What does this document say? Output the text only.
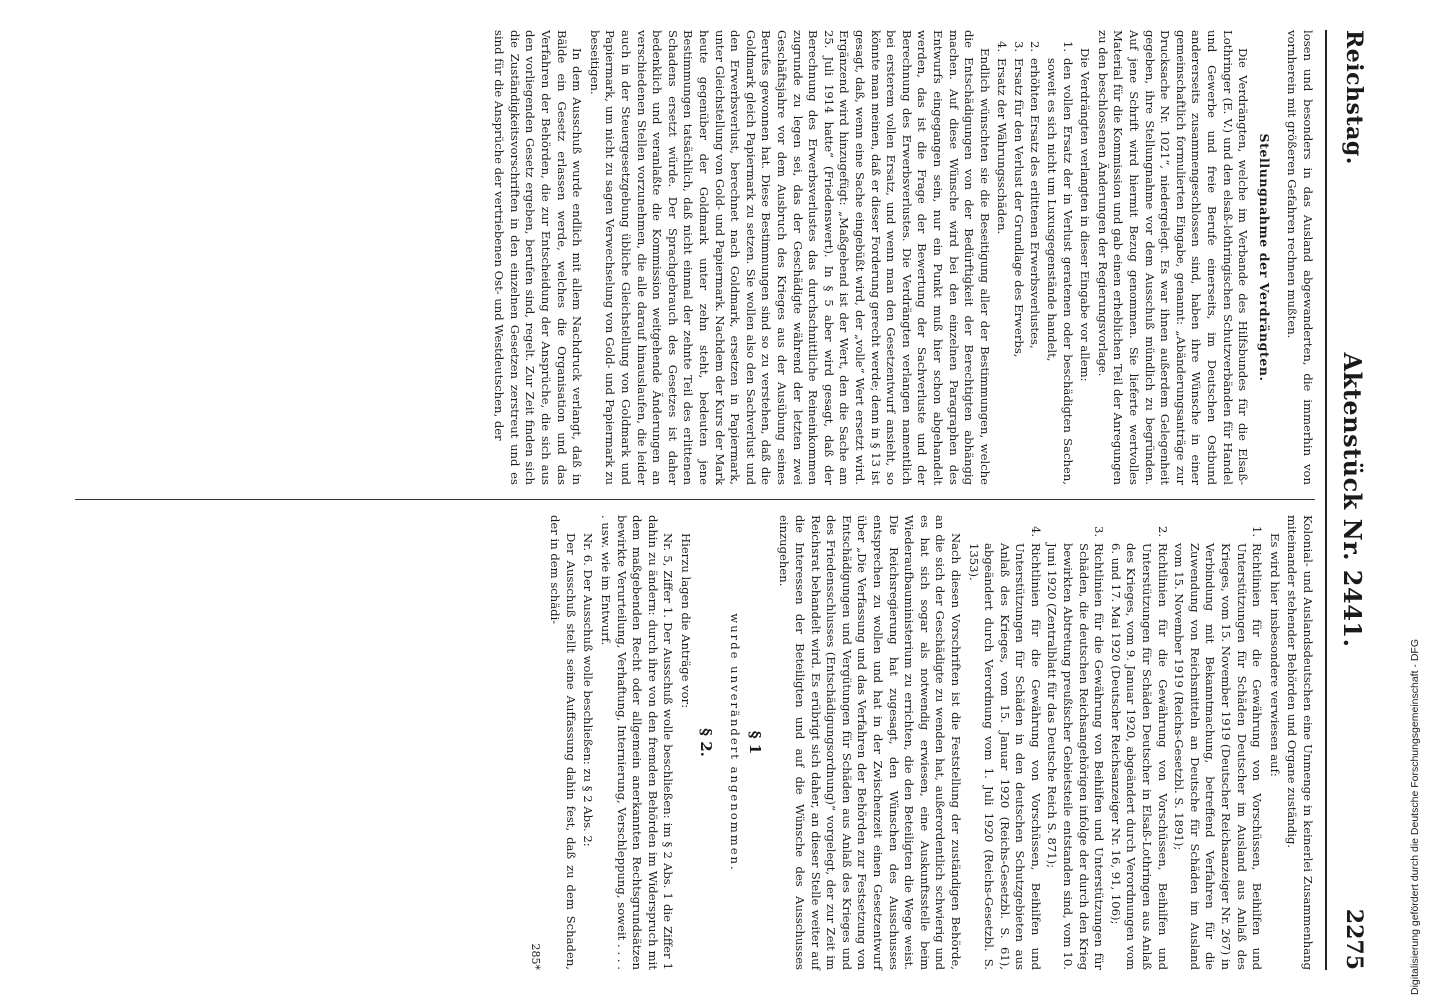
Reichstag.
Aktenstück Nr. 2441.
2275

losen und besonders in das Ausland abgewanderten, die immerhin von vornherein mit größeren Gefahren rechnen mußten.

Stellungnahme der Verdrängten.

Die Verdrängten, welche im Verbande des Hilfsbundes für die Elsaß-Lothringer (E. V.) und den elsaß-lothringischen Schutzverbänden für Handel und Gewerbe und freie Berufe einerseits, im Deutschen Ostbund andererseits zusammengeschlossen sind, haben ihre Wünsche in einer gemeinschaftlich formulierten Eingabe, genannt: „Abänderungsanträge zur Drucksache Nr. 1021“, niedergelegt. Es war ihnen außerdem Gelegenheit gegeben, ihre Stellungnahme vor dem Ausschuß mündlich zu begründen. Auf jene Schrift wird hiermit Bezug genommen. Sie lieferte wertvolles Material für die Kommission und gab einen erheblichen Teil der Anregungen zu den beschlossenen Änderungen der Regierungsvorlage.

Die Verdrängten verlangten in dieser Eingabe vor allem:

1.
den vollen Ersatz der in Verlust geratenen oder beschädigten Sachen, soweit es sich nicht um Luxusgegenstände handelt,
2.
erhöhten Ersatz des erlittenen Erwerbsverlustes,
3.
Ersatz für den Verlust der Grundlage des Erwerbs,
4.
Ersatz der Währungsschäden.

Endlich wünschten sie die Beseitigung aller der Bestimmungen, welche die Entschädigungen von der Bedürftigkeit der Berechtigten abhängig machen. Auf diese Wünsche wird bei den einzelnen Paragraphen des Entwurfs eingegangen sein, nur ein Punkt muß hier schon abgehandelt werden, das ist die Frage der Bewertung der Sachverluste und der Berechnung des Erwerbsverlustes. Die Verdrängten verlangen namentlich bei ersterem vollen Ersatz, und wenn man den Gesetzentwurf ansieht, so könnte man meinen, daß er dieser Forderung gerecht werde; denn in § 13 ist gesagt, daß, wenn eine Sache eingebüßt wird, der „volle“ Wert ersetzt wird. Ergänzend wird hinzugefügt: „Maßgebend ist der Wert, den die Sache am 25. Juli 1914 hatte“ (Friedenswert). In § 5 aber wird gesagt, daß der Berechnung des Erwerbsverlustes das durchschnittliche Reineinkommen zugrunde zu legen sei, das der Geschädigte während der letzten zwei Geschäftsjahre vor dem Ausbruch des Krieges aus der Ausübung seines Berufes gewonnen hat. Diese Bestimmungen sind so zu verstehen, daß die Goldmark gleich Papiermark zu setzen. Sie wollen also den Sachverlust und den Erwerbsverlust, berechnet nach Goldmark, ersetzen in Papiermark, unter Gleichstellung von Gold- und Papiermark. Nachdem der Kurs der Mark heute gegenüber der Goldmark unter zehn steht, bedeuten jene Bestimmungen tatsächlich, daß nicht einmal der zehnte Teil des erlittenen Schadens ersetzt würde. Der Sprachgebrauch des Gesetzes ist daher bedenklich und veranlaßte die Kommission weitgehende Änderungen an verschiedenen Stellen vorzunehmen, die alle darauf hinauslaufen, die leider auch in der Steuergesetzgebung übliche Gleichstellung von Goldmark und Papiermark, um nicht zu sagen Verwechselung von Gold- und Papiermark zu beseitigen.

In dem Ausschuß wurde endlich mit allem Nachdruck verlangt, daß in Bälde ein Gesetz erlassen werde, welches die Organisation und das Verfahren der Behörden, die zur Entscheidung der Ansprüche, die sich aus den vorliegenden Gesetz ergeben, berufen sind, regelt. Zur Zeit finden sich die Zuständigkeitsvorschriften in den einzelnen Gesetzen zerstreut und es sind für die Ansprüche der vertriebenen Ost- und Westdeutschen, der

Kolonial- und Auslandsdeutschen eine Unmenge in keinerlei Zusammenhang miteinander stehender Behörden und Organe zuständig.

Es wird hier insbesondere verwiesen auf:

1.
Richtlinien für die Gewährung von Vorschüssen, Beihilfen und Unterstützungen für Schäden Deutscher im Ausland aus Anlaß des Krieges, vom 15. November 1919 (Deutscher Reichsanzeiger Nr. 267) in Verbindung mit Bekanntmachung, betreffend Verfahren für die Zuwendung von Reichsmitteln an Deutsche für Schäden im Ausland vom 15. November 1919 (Reichs-Gesetzbl. S. 1891);
2.
Richtlinien für die Gewährung von Vorschüssen, Beihilfen und Unterstützungen für Schäden Deutscher in Elsaß-Lothringen aus Anlaß des Krieges, vom 9. Januar 1920, abgeändert durch Verordnungen vom 6. und 17. Mai 1920 (Deutscher Reichsanzeiger Nr. 16, 91, 106);
3.
Richtlinien für die Gewährung von Beihilfen und Unterstützungen für Schäden, die deutschen Reichsangehörigen infolge der durch den Krieg bewirkten Abtretung preußischer Gebietsteile entstanden sind, vom 10. Juni 1920 (Zentralblatt für das Deutsche Reich S. 871);
4.
Richtlinien für die Gewährung von Vorschüssen, Beihilfen und Unterstützungen für Schäden in den deutschen Schutzgebieten aus Anlaß des Krieges, vom 15. Januar 1920 (Reichs-Gesetzbl. S. 61), abgeändert durch Verordnung vom 1. Juli 1920 (Reichs-Gesetzbl. S. 1353).

Nach diesen Vorschriften ist die Feststellung der zuständigen Behörde, an die sich der Geschädigte zu wenden hat, außerordentlich schwierig und es hat sich sogar als notwendig erwiesen, eine Auskunftsstelle beim Wiederaufbauministerium zu errichten, die den Beteiligten die Wege weist. Die Reichsregierung hat zugesagt, den Wünschen des Ausschusses entsprechen zu wollen und hat in der Zwischenzeit einen Gesetzentwurf über „Die Verfassung und das Verfahren der Behörden zur Festsetzung von Entschädigungen und Vergütungen für Schäden aus Anlaß des Krieges und des Friedensschlusses (Entschädigungsordnung)“ vorgelegt, der zur Zeit im Reichsrat behandelt wird. Es erübrigt sich daher, an dieser Stelle weiter auf die Interessen der Beteiligten und auf die Wünsche des Ausschusses einzugehen.

§ 1
wurde unverändert angenommen.
§ 2.

Hierzu lagen die Anträge vor:

Nr. 5, Ziffer 1. Der Ausschuß wolle beschließen: im § 2 Abs. 1 die Ziffer 1 dahin zu ändern: durch ihre von den fremden Behörden im Widerspruch mit dem maßgebenden Recht oder allgemein anerkannten Rechtsgrundsätzen bewirkte Verurteilung, Verhaftung, Internierung, Verschleppung, soweit . . . . . usw. wie im Entwurf.

Nr. 6. Der Ausschuß wolle beschließen: zu § 2 Abs. 2:

Der Ausschuß stellt seine Auffassung dahin fest, daß zu dem Schaden, der in dem schädi-

285*	Digitalisierung gefördert durch die Deutsche Forschungsgemeinschaft - DFG
